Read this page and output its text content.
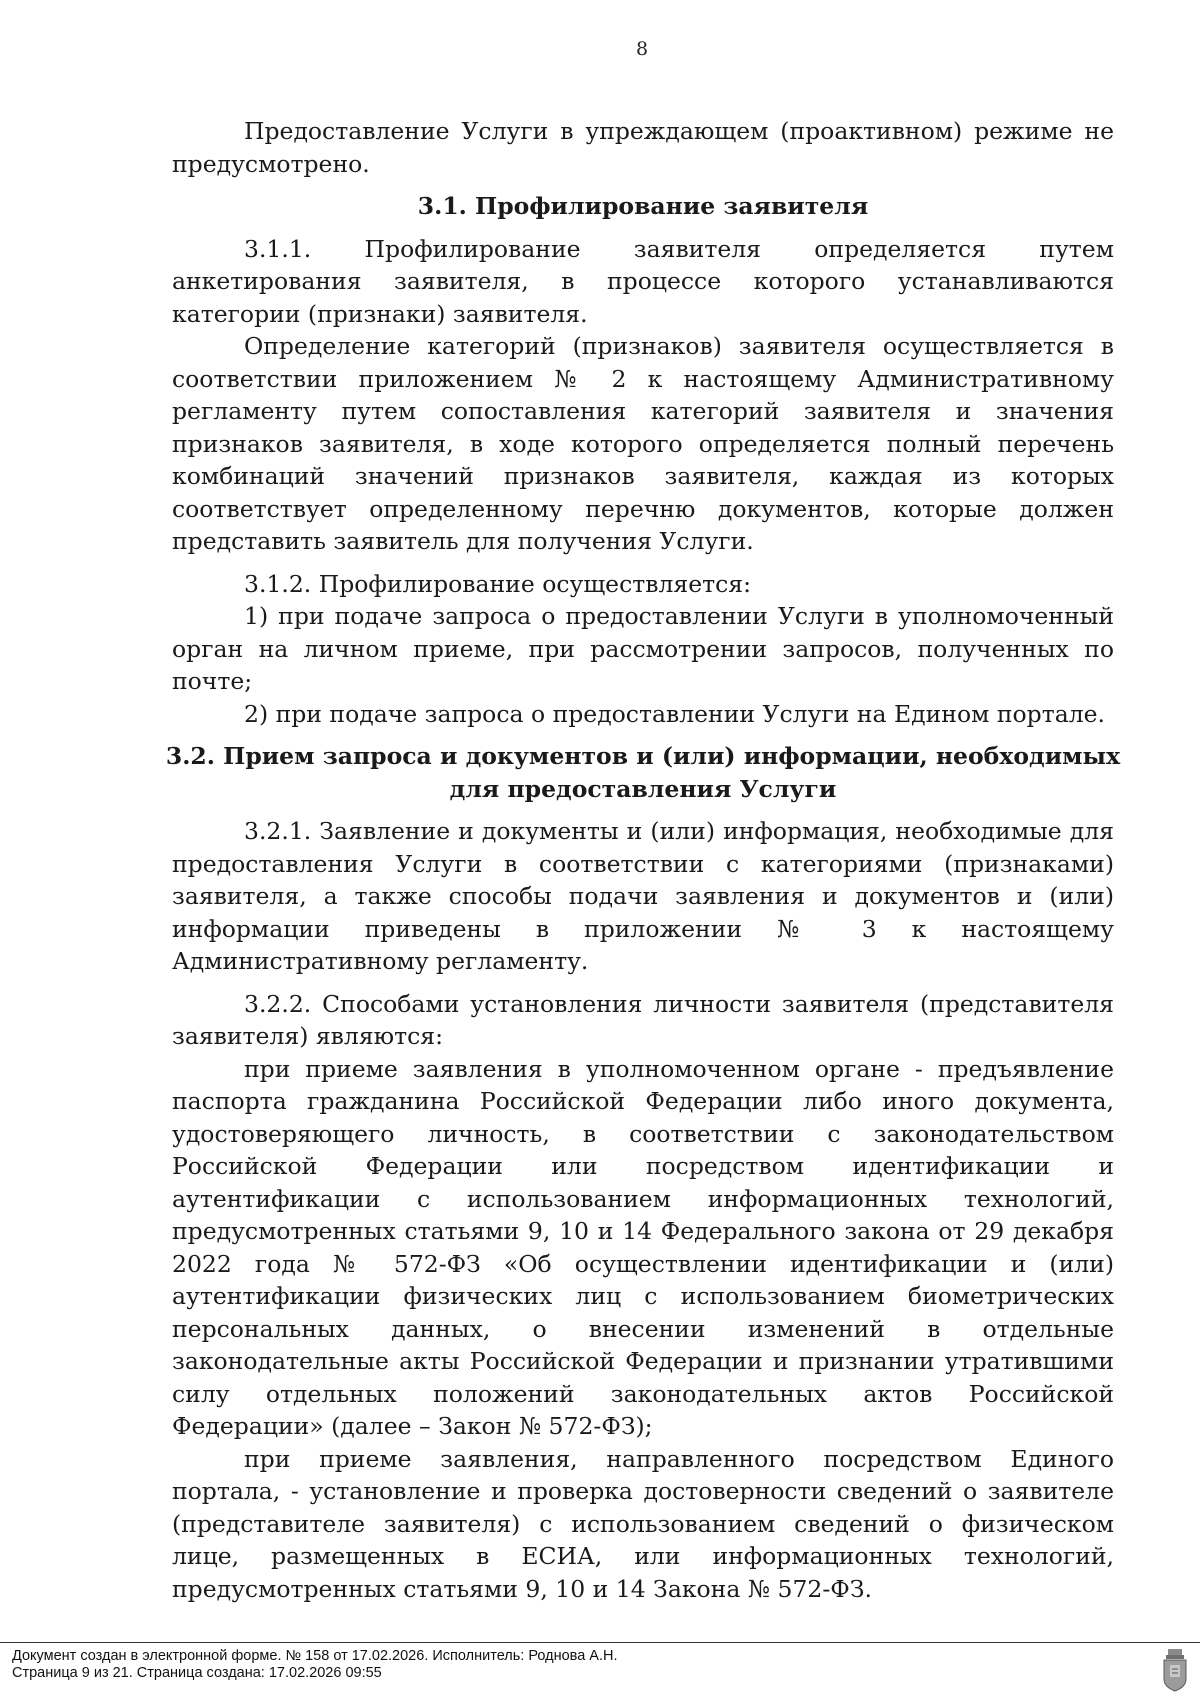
8

Предоставление Услуги в упреждающем (проактивном) режиме не предусмотрено.

3.1. Профилирование заявителя

3.1.1. Профилирование заявителя определяется путем анкетирования заявителя, в процессе которого устанавливаются категории (признаки) заявителя.

Определение категорий (признаков) заявителя осуществляется в соответствии приложением № 2 к настоящему Административному регламенту путем сопоставления категорий заявителя и значения признаков заявителя, в ходе которого определяется полный перечень комбинаций значений признаков заявителя, каждая из которых соответствует определенному перечню документов, которые должен представить заявитель для получения Услуги.

3.1.2. Профилирование осуществляется:

1) при подаче запроса о предоставлении Услуги в уполномоченный орган на личном приеме, при рассмотрении запросов, полученных по почте;

2) при подаче запроса о предоставлении Услуги на Едином портале.

3.2. Прием запроса и документов и (или) информации, необходимых для предоставления Услуги

3.2.1. Заявление и документы и (или) информация, необходимые для предоставления Услуги в соответствии с категориями (признаками) заявителя, а также способы подачи заявления и документов и (или) информации приведены в приложении № 3 к настоящему Административному регламенту.

3.2.2. Способами установления личности заявителя (представителя заявителя) являются:

при приеме заявления в уполномоченном органе - предъявление паспорта гражданина Российской Федерации либо иного документа, удостоверяющего личность, в соответствии с законодательством Российской Федерации или посредством идентификации и аутентификации с использованием информационных технологий, предусмотренных статьями 9, 10 и 14 Федерального закона от 29 декабря 2022 года № 572-ФЗ «Об осуществлении идентификации и (или) аутентификации физических лиц с использованием биометрических персональных данных, о внесении изменений в отдельные законодательные акты Российской Федерации и признании утратившими силу отдельных положений законодательных актов Российской Федерации» (далее – Закон № 572-ФЗ);

при приеме заявления, направленного посредством Единого портала, - установление и проверка достоверности сведений о заявителе (представителе заявителя) с использованием сведений о физическом лице, размещенных в ЕСИА, или информационных технологий, предусмотренных статьями 9, 10 и 14 Закона № 572-ФЗ.

Документ создан в электронной форме. № 158 от 17.02.2026. Исполнитель: Роднова А.Н.
Страница 9 из 21. Страница создана: 17.02.2026 09:55
